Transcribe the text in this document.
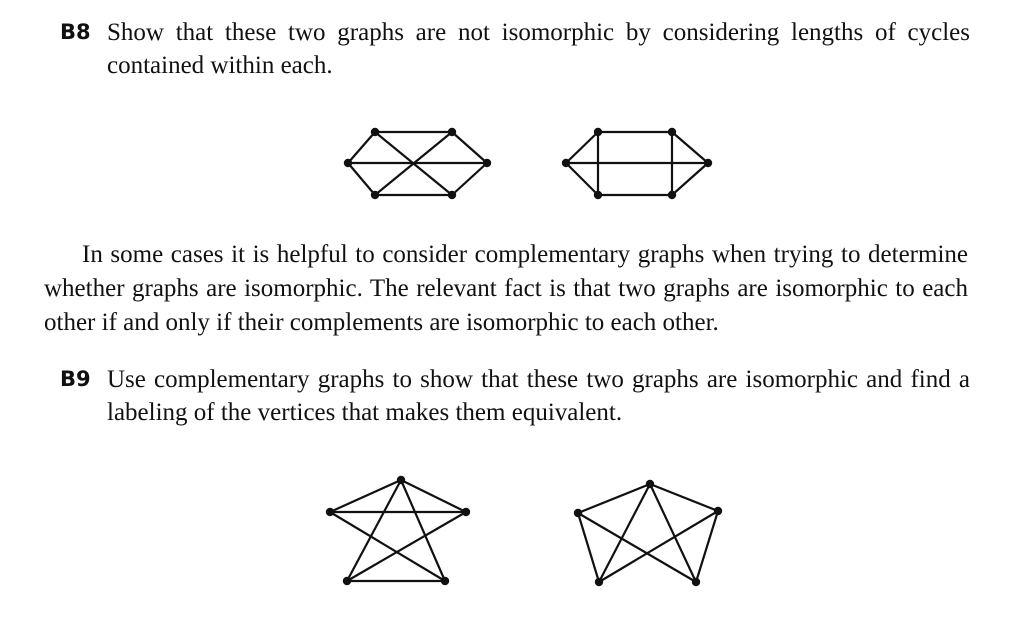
B8 Show that these two graphs are not isomorphic by considering lengths of cycles contained within each.
In some cases it is helpful to consider complementary graphs when trying to determine whether graphs are isomorphic. The relevant fact is that two graphs are isomorphic to each other if and only if their complements are isomorphic to each other.
B9 Use complementary graphs to show that these two graphs are isomorphic and find a labeling of the vertices that makes them equivalent.
